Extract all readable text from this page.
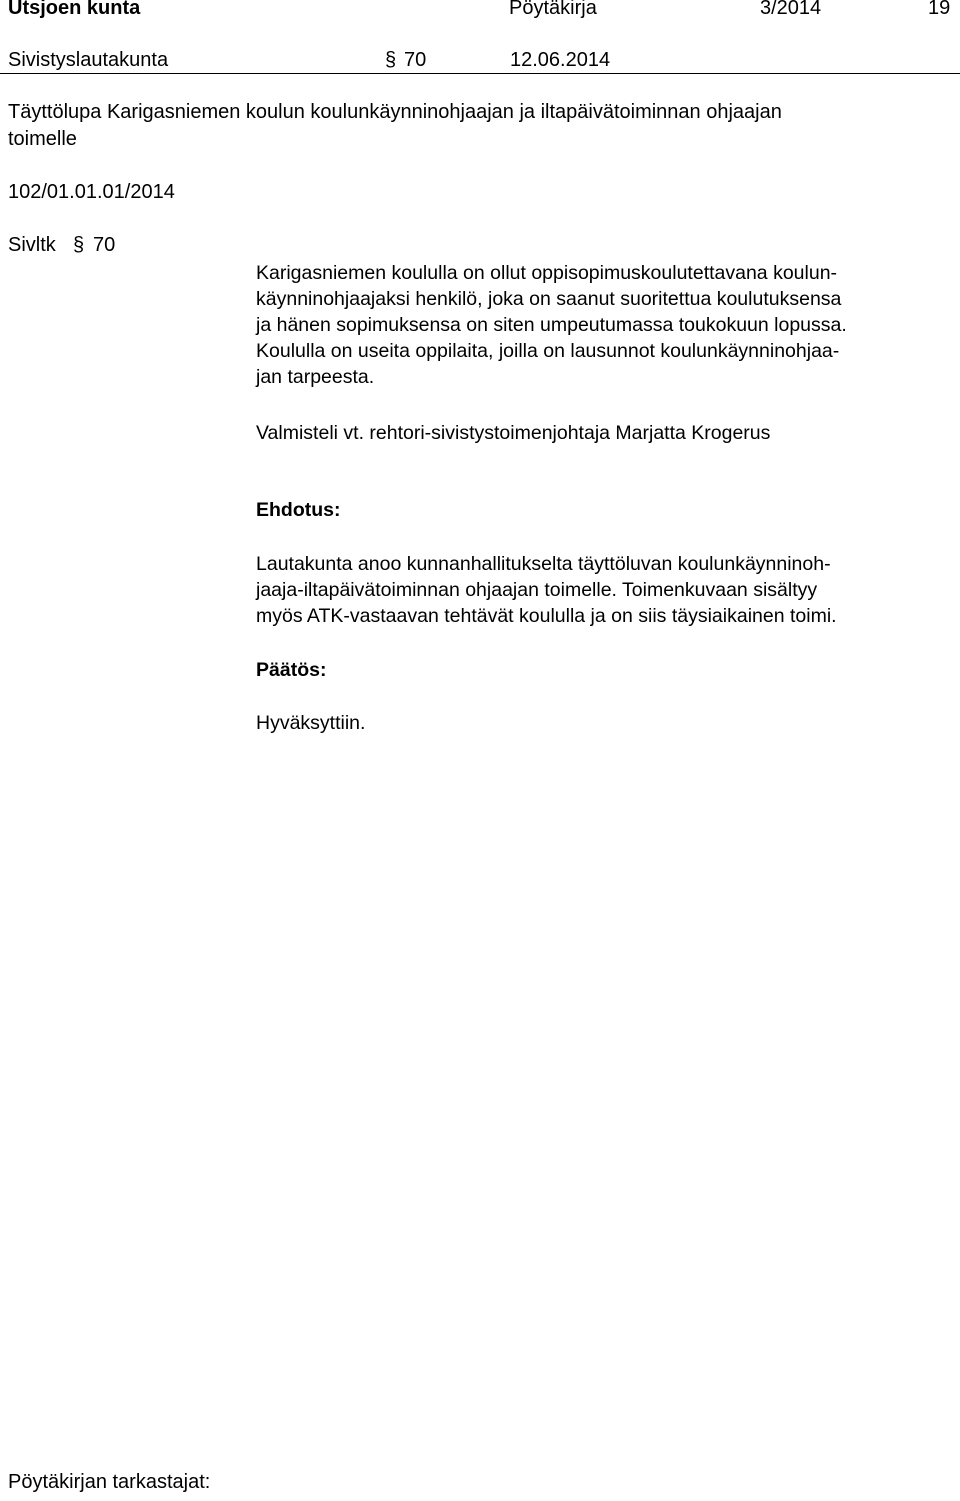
Utsjoen kunta	Pöytäkirja	3/2014	19
Sivistyslautakunta	§ 70	12.06.2014
Täyttölupa Karigasniemen koulun koulunkäynninohjaajan ja iltapäivätoiminnan ohjaajan
toimelle
102/01.01.01/2014
Sivltk § 70

Karigasniemen koululla on ollut oppisopimuskoulutettavana koulun-

käynninohjaajaksi henkilö, joka on saanut suoritettua koulutuksensa

ja hänen sopimuksensa on siten umpeutumassa toukokuun lopussa.

Koululla on useita oppilaita, joilla on lausunnot koulunkäynninohjaa-

jan tarpeesta.

Valmisteli vt. rehtori-sivistystoimenjohtaja Marjatta Krogerus

Ehdotus:

Lautakunta anoo kunnanhallitukselta täyttöluvan koulunkäynninoh-

jaaja-iltapäivätoiminnan ohjaajan toimelle. Toimenkuvaan sisältyy

myös ATK-vastaavan tehtävät koululla ja on siis täysiaikainen toimi.

Päätös:
Hyväksyttiin.
Pöytäkirjan tarkastajat:
